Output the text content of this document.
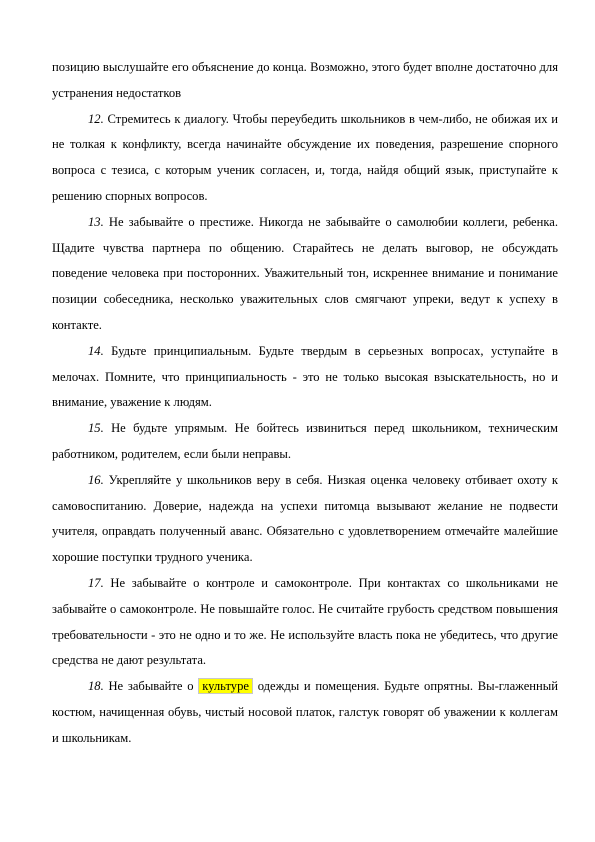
позицию выслушайте его объяснение до конца. Возможно, этого будет вполне достаточно для устранения недостатков

12. Стремитесь к диалогу. Чтобы переубедить школьников в чем-либо, не обижая их и не толкая к конфликту, всегда начинайте обсуждение их поведения, разрешение спорного вопроса с тезиса, с которым ученик согласен, и, тогда, найдя общий язык, приступайте к решению спорных вопросов.

13. Не забывайте о престиже. Никогда не забывайте о самолюбии коллеги, ребенка. Щадите чувства партнера по общению. Старайтесь не делать выговор, не обсуждать поведение человека при посторонних. Уважительный тон, искреннее внимание и понимание позиции собеседника, несколько уважительных слов смягчают упреки, ведут к успеху в контакте.

14. Будьте принципиальным. Будьте твердым в серьезных вопросах, уступайте в мелочах. Помните, что принципиальность - это не только высокая взыскательность, но и внимание, уважение к людям.

15. Не будьте упрямым. Не бойтесь извиниться перед школьником, техническим работником, родителем, если были неправы.

16. Укрепляйте у школьников веру в себя. Низкая оценка человеку отбивает охоту к самовоспитанию. Доверие, надежда на успехи питомца вызывают желание не подвести учителя, оправдать полученный аванс. Обязательно с удовлетворением отмечайте малейшие хорошие поступки трудного ученика.

17. Не забывайте о контроле и самоконтроле. При контактах со школьниками не забывайте о самоконтроле. Не повышайте голос. Не считайте грубость средством повышения требовательности - это не одно и то же. Не используйте власть пока не убедитесь, что другие средства не дают результата.

18. Не забывайте о культуре одежды и помещения. Будьте опрятны. Вы-глаженный костюм, начищенная обувь, чистый носовой платок, галстук говорят об уважении к коллегам и школьникам.
